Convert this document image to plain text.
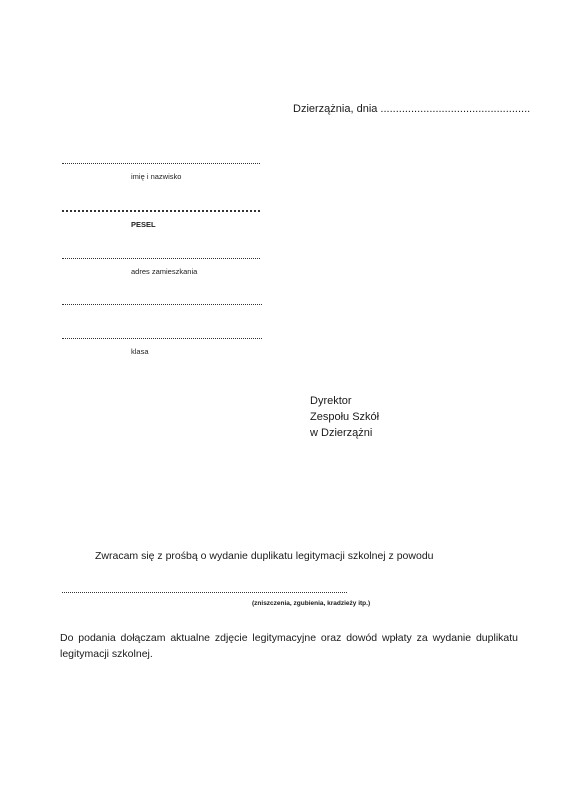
Dzierzążnia, dnia .................................................
imię i nazwisko
PESEL
adres zamieszkania
klasa
Dyrektor
Zespołu Szkół
w Dzierzążni
Zwracam się z prośbą o wydanie duplikatu legitymacji szkolnej z powodu
(zniszczenia, zgubienia, kradzieży itp.)
Do podania dołączam aktualne zdjęcie legitymacyjne oraz dowód wpłaty za wydanie duplikatu legitymacji szkolnej.
